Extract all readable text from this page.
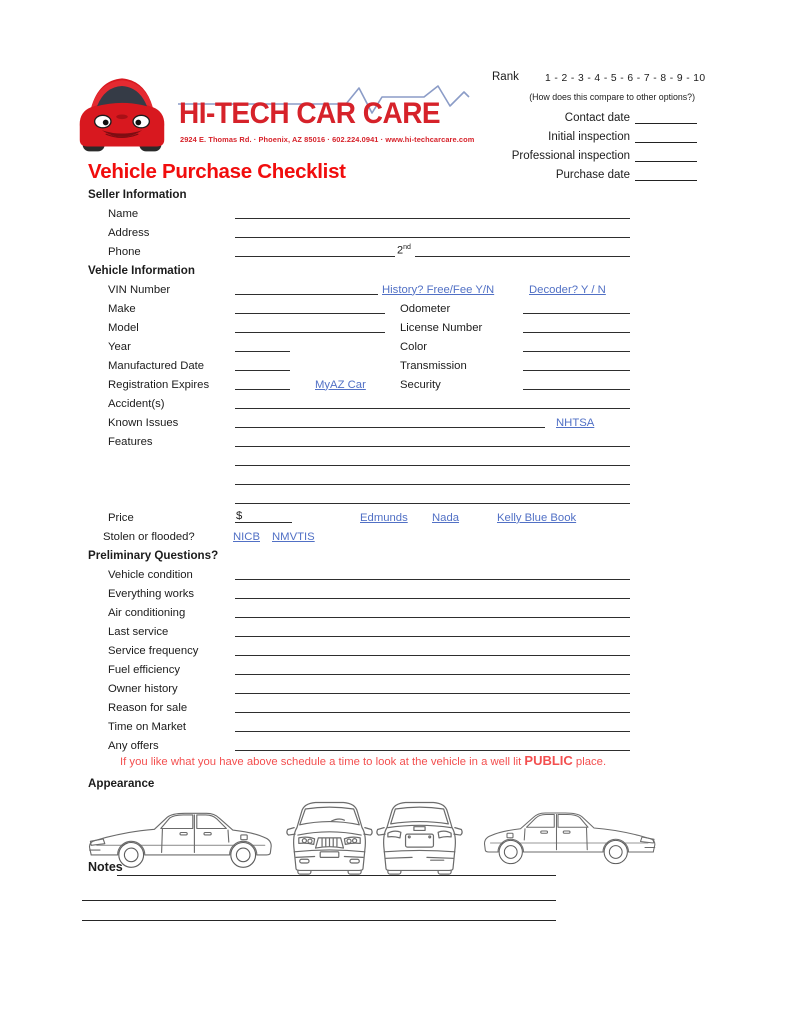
HI-TECH CAR CARE
2924 E. Thomas Rd. · Phoenix, AZ 85016 · 602.224.0941 · www.hi-techcarcare.com
Rank	1 - 2 - 3 - 4 - 5 - 6 - 7 - 8 - 9 - 10
(How does this compare to other options?)
Contact date
Initial inspection
Professional inspection
Purchase date
Vehicle Purchase Checklist
Seller Information
Name
Address
Phone	2nd
Vehicle Information
VIN Number	History? Free/Fee Y/N	Decoder? Y / N
Make	Odometer
Model	License Number
Year	Color
Manufactured Date	Transmission
Registration Expires	MyAZ Car	Security
Accident(s)
Known Issues	NHTSA
Features
Price	$	Edmunds Nada	Kelly Blue Book
Stolen or flooded?	NICB NMVTIS
Preliminary Questions?
Vehicle condition
Everything works
Air conditioning
Last service
Service frequency
Fuel efficiency
Owner history
Reason for sale
Time on Market
Any offers
If you like what you have above schedule a time to look at the vehicle in a well lit PUBLIC place.
Appearance
Notes
